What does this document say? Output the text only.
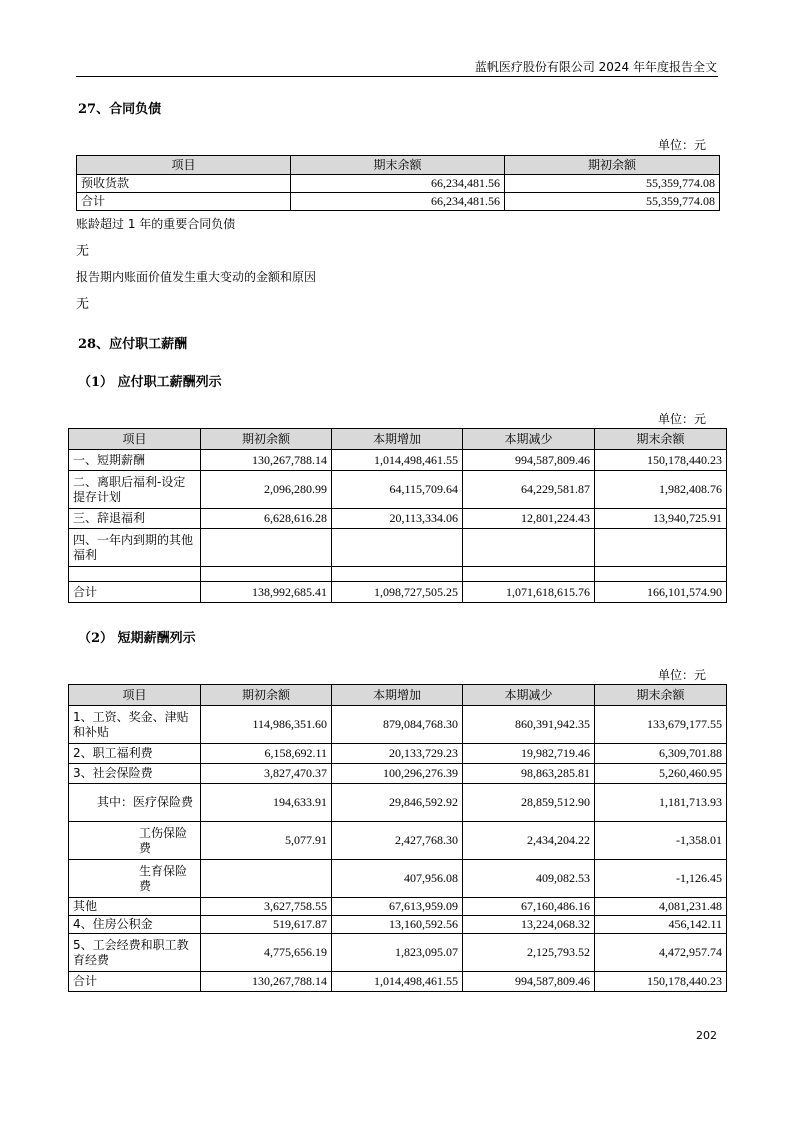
蓝帆医疗股份有限公司 2024 年年度报告全文
27、合同负债
单位：元
项目	期末余额	期初余额
预收货款	66,234,481.56	55,359,774.08
合计	66,234,481.56	55,359,774.08
账龄超过 1 年的重要合同负债
无
报告期内账面价值发生重大变动的金额和原因
无
28、应付职工薪酬
（1） 应付职工薪酬列示
单位：元
项目	期初余额	本期增加	本期减少	期末余额
一、短期薪酬	130,267,788.14	1,014,498,461.55	994,587,809.46	150,178,440.23
二、离职后福利-设定提存计划	2,096,280.99	64,115,709.64	64,229,581.87	1,982,408.76
三、辞退福利	6,628,616.28	20,113,334.06	12,801,224.43	13,940,725.91
四、一年内到期的其他福利				

合计	138,992,685.41	1,098,727,505.25	1,071,618,615.76	166,101,574.90
（2） 短期薪酬列示
单位：元
项目	期初余额	本期增加	本期减少	期末余额
1、工资、奖金、津贴和补贴	114,986,351.60	879,084,768.30	860,391,942.35	133,679,177.55
2、职工福利费	6,158,692.11	20,133,729.23	19,982,719.46	6,309,701.88
3、社会保险费	3,827,470.37	100,296,276.39	98,863,285.81	5,260,460.95
其中：医疗保险费	194,633.91	29,846,592.92	28,859,512.90	1,181,713.93
工伤保险费	5,077.91	2,427,768.30	2,434,204.22	-1,358.01
生育保险费		407,956.08	409,082.53	-1,126.45
其他	3,627,758.55	67,613,959.09	67,160,486.16	4,081,231.48
4、住房公积金	519,617.87	13,160,592.56	13,224,068.32	456,142.11
5、工会经费和职工教育经费	4,775,656.19	1,823,095.07	2,125,793.52	4,472,957.74
合计	130,267,788.14	1,014,498,461.55	994,587,809.46	150,178,440.23
202
